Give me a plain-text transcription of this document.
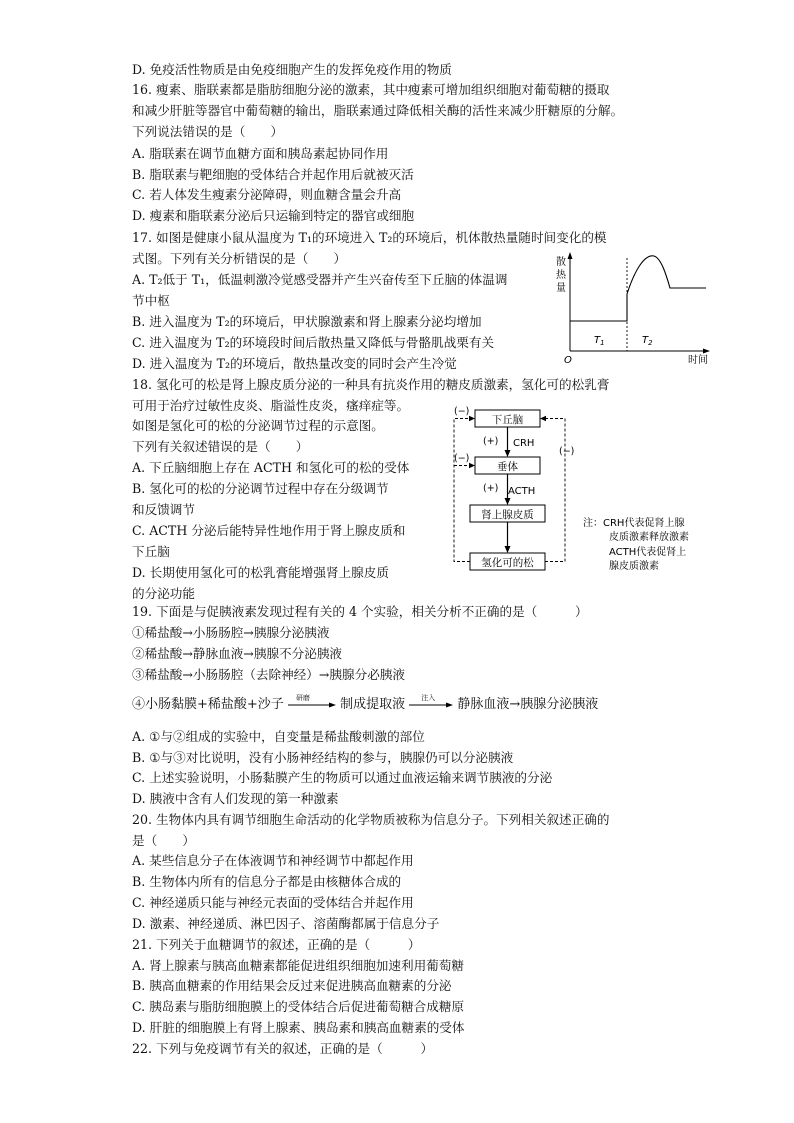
D. 免疫活性物质是由免疫细胞产生的发挥免疫作用的物质
16. 瘦素、脂联素都是脂肪细胞分泌的激素，其中瘦素可增加组织细胞对葡萄糖的摄取
和减少肝脏等器官中葡萄糖的输出，脂联素通过降低相关酶的活性来减少肝糖原的分解。
下列说法错误的是（　　）
A. 脂联素在调节血糖方面和胰岛素起协同作用
B. 脂联素与靶细胞的受体结合并起作用后就被灭活
C. 若人体发生瘦素分泌障碍，则血糖含量会升高
D. 瘦素和脂联素分泌后只运输到特定的器官或细胞
17. 如图是健康小鼠从温度为 T₁的环境进入 T₂的环境后，机体散热量随时间变化的模
式图。下列有关分析错误的是（　　）
A. T₂低于 T₁，低温刺激冷觉感受器并产生兴奋传至下丘脑的体温调
节中枢
B. 进入温度为 T₂的环境后，甲状腺激素和肾上腺素分泌均增加
C. 进入温度为 T₂的环境段时间后散热量又降低与骨骼肌战栗有关
D. 进入温度为 T₂的环境后，散热量改变的同时会产生冷觉
散
热
量
O	时间
$T_1$	$T_2$
18. 氢化可的松是肾上腺皮质分泌的一种具有抗炎作用的糖皮质激素，氢化可的松乳膏
可用于治疗过敏性皮炎、脂溢性皮炎，瘙痒症等。
如图是氢化可的松的分泌调节过程的示意图。
下列有关叙述错误的是（　　）
A. 下丘脑细胞上存在 ACTH 和氢化可的松的受体
B. 氢化可的松的分泌调节过程中存在分级调节
和反馈调节
C. ACTH 分泌后能特异性地作用于肾上腺皮质和
下丘脑
D. 长期使用氢化可的松乳膏能增强肾上腺皮质
的分泌功能
下丘脑
垂体
肾上腺皮质
氢化可的松
(+) CRH
(+) ACTH
(−)
(−)
(−)
注：CRH代表促肾上腺
皮质激素释放激素
ACTH代表促肾上
腺皮质激素
19. 下面是与促胰液素发现过程有关的 4 个实验，相关分析不正确的是（　　　）
①稀盐酸→小肠肠腔→胰腺分泌胰液
②稀盐酸→静脉血液→胰腺不分泌胰液
③稀盐酸→小肠肠腔（去除神经）→胰腺分必胰液
④小肠黏膜+稀盐酸+沙子 研磨 制成提取液 注入 静脉血液→胰腺分泌胰液
A. ①与②组成的实验中，自变量是稀盐酸刺激的部位
B. ①与③对比说明，没有小肠神经结构的参与，胰腺仍可以分泌胰液
C. 上述实验说明，小肠黏膜产生的物质可以通过血液运输来调节胰液的分泌
D. 胰液中含有人们发现的第一种激素
20. 生物体内具有调节细胞生命活动的化学物质被称为信息分子。下列相关叙述正确的
是（　　）
A. 某些信息分子在体液调节和神经调节中都起作用
B. 生物体内所有的信息分子都是由核糖体合成的
C. 神经递质只能与神经元表面的受体结合并起作用
D. 激素、神经递质、淋巴因子、溶菌酶都属于信息分子
21. 下列关于血糖调节的叙述，正确的是（　　　）
A. 肾上腺素与胰高血糖素都能促进组织细胞加速利用葡萄糖
B. 胰高血糖素的作用结果会反过来促进胰高血糖素的分泌
C. 胰岛素与脂肪细胞膜上的受体结合后促进葡萄糖合成糖原
D. 肝脏的细胞膜上有肾上腺素、胰岛素和胰高血糖素的受体
22. 下列与免疫调节有关的叙述，正确的是（　　　）
